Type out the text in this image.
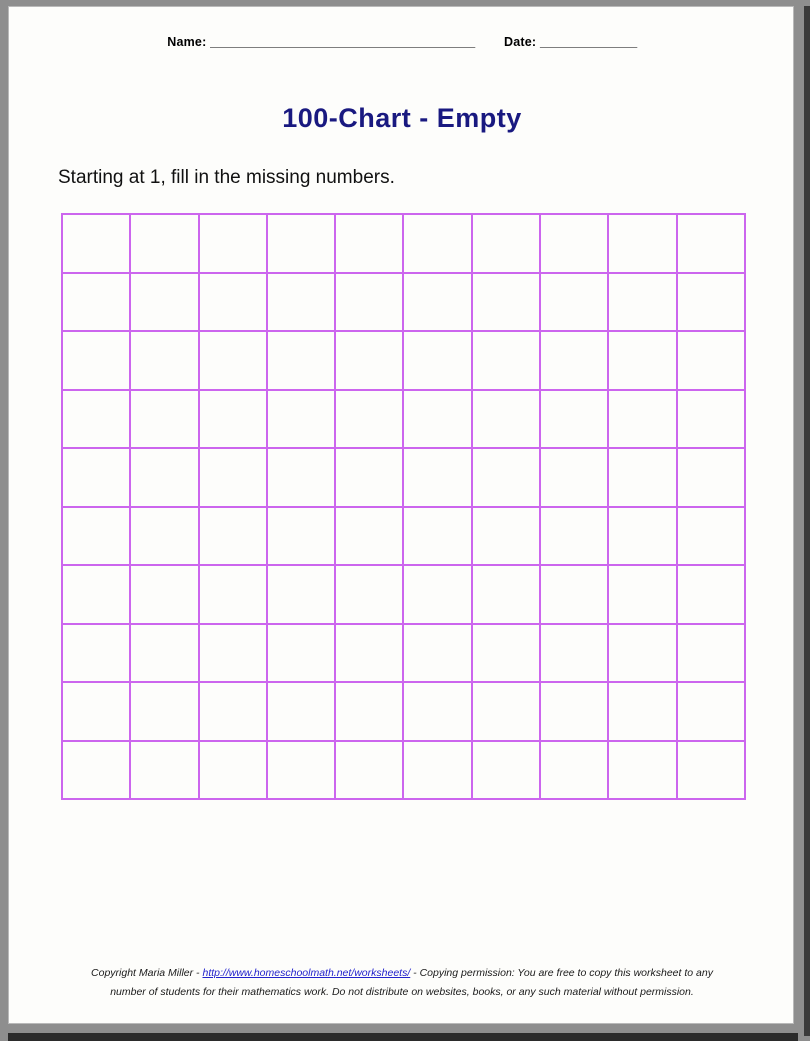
Name: _________________________________________ Date: _______________
100-Chart - Empty
Starting at 1, fill in the missing numbers.

Copyright Maria Miller - http://www.homeschoolmath.net/worksheets/ - Copying permission: You are free to copy this worksheet to any
number of students for their mathematics work. Do not distribute on websites, books, or any such material without permission.
